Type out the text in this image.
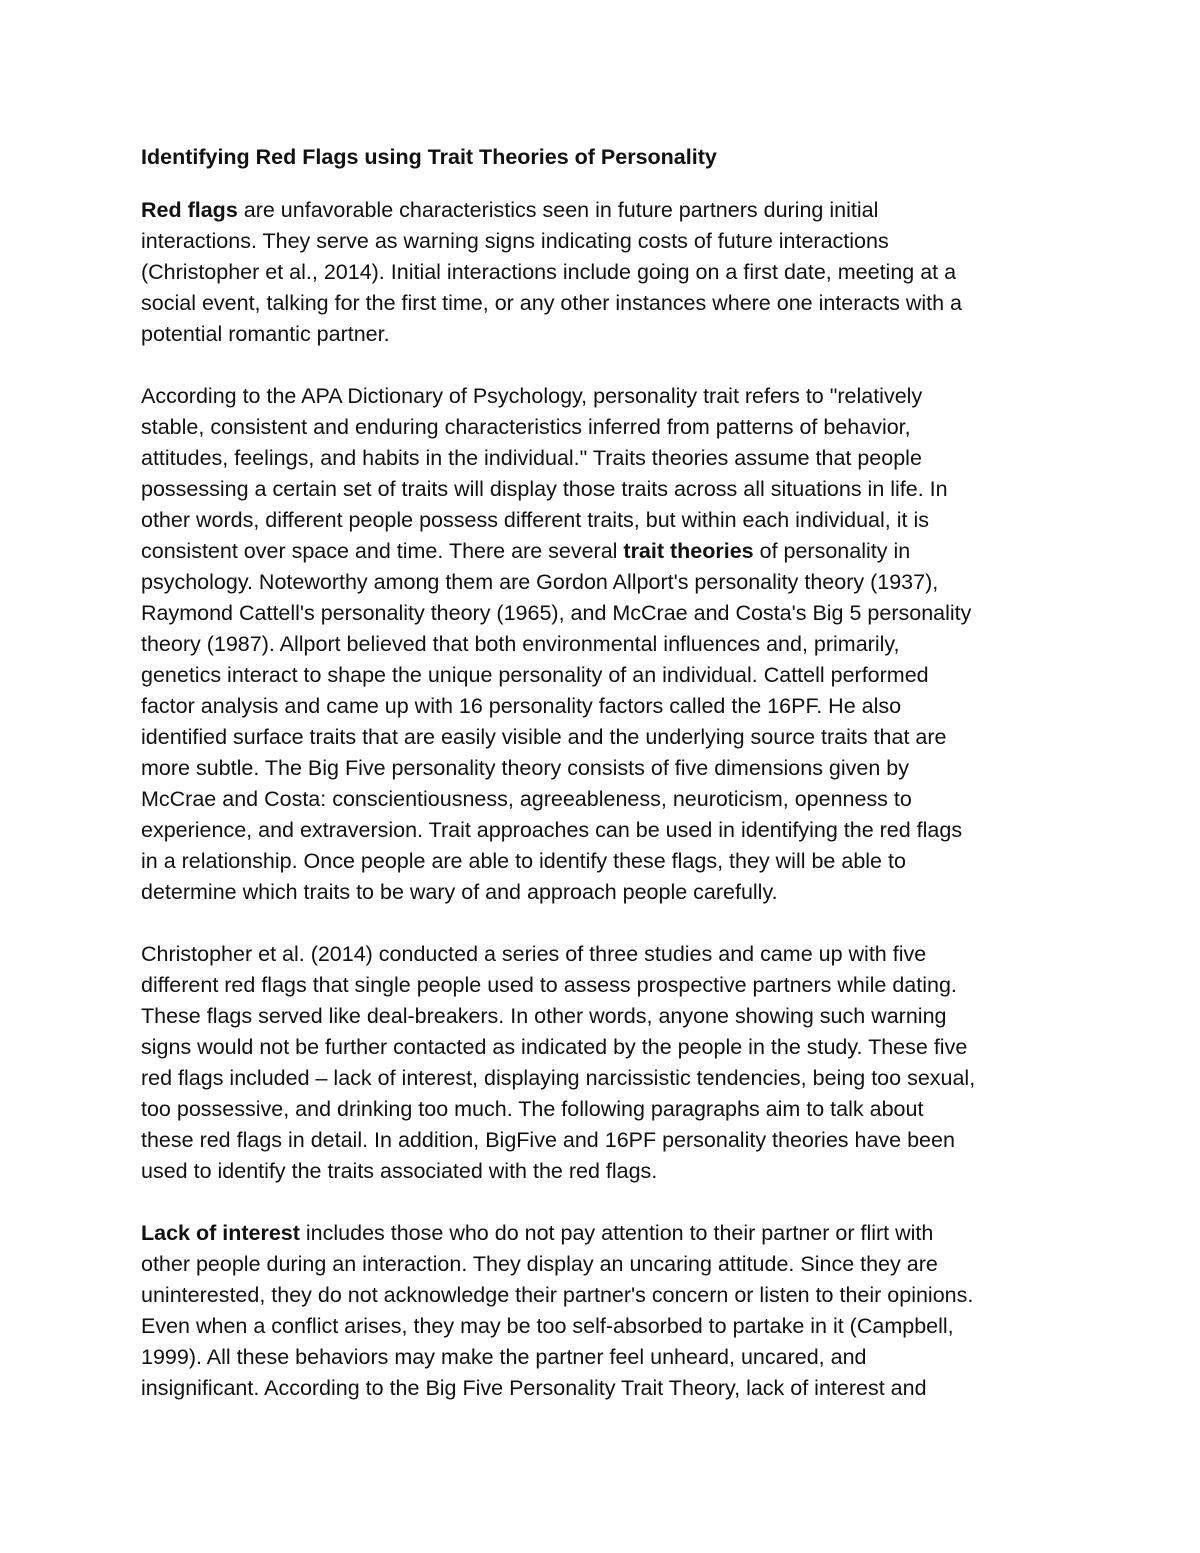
Identifying Red Flags using Trait Theories of Personality
Red flags are unfavorable characteristics seen in future partners during initial
interactions. They serve as warning signs indicating costs of future interactions
(Christopher et al., 2014). Initial interactions include going on a first date, meeting at a
social event, talking for the first time, or any other instances where one interacts with a
potential romantic partner.
According to the APA Dictionary of Psychology, personality trait refers to "relatively
stable, consistent and enduring characteristics inferred from patterns of behavior,
attitudes, feelings, and habits in the individual." Traits theories assume that people
possessing a certain set of traits will display those traits across all situations in life. In
other words, different people possess different traits, but within each individual, it is
consistent over space and time. There are several trait theories of personality in
psychology. Noteworthy among them are Gordon Allport's personality theory (1937),
Raymond Cattell's personality theory (1965), and McCrae and Costa's Big 5 personality
theory (1987). Allport believed that both environmental influences and, primarily,
genetics interact to shape the unique personality of an individual. Cattell performed
factor analysis and came up with 16 personality factors called the 16PF. He also
identified surface traits that are easily visible and the underlying source traits that are
more subtle. The Big Five personality theory consists of five dimensions given by
McCrae and Costa: conscientiousness, agreeableness, neuroticism, openness to
experience, and extraversion. Trait approaches can be used in identifying the red flags
in a relationship. Once people are able to identify these flags, they will be able to
determine which traits to be wary of and approach people carefully.
Christopher et al. (2014) conducted a series of three studies and came up with five
different red flags that single people used to assess prospective partners while dating.
These flags served like deal-breakers. In other words, anyone showing such warning
signs would not be further contacted as indicated by the people in the study. These five
red flags included – lack of interest, displaying narcissistic tendencies, being too sexual,
too possessive, and drinking too much. The following paragraphs aim to talk about
these red flags in detail. In addition, BigFive and 16PF personality theories have been
used to identify the traits associated with the red flags.
Lack of interest includes those who do not pay attention to their partner or flirt with
other people during an interaction. They display an uncaring attitude. Since they are
uninterested, they do not acknowledge their partner's concern or listen to their opinions.
Even when a conflict arises, they may be too self-absorbed to partake in it (Campbell,
1999). All these behaviors may make the partner feel unheard, uncared, and
insignificant. According to the Big Five Personality Trait Theory, lack of interest and
